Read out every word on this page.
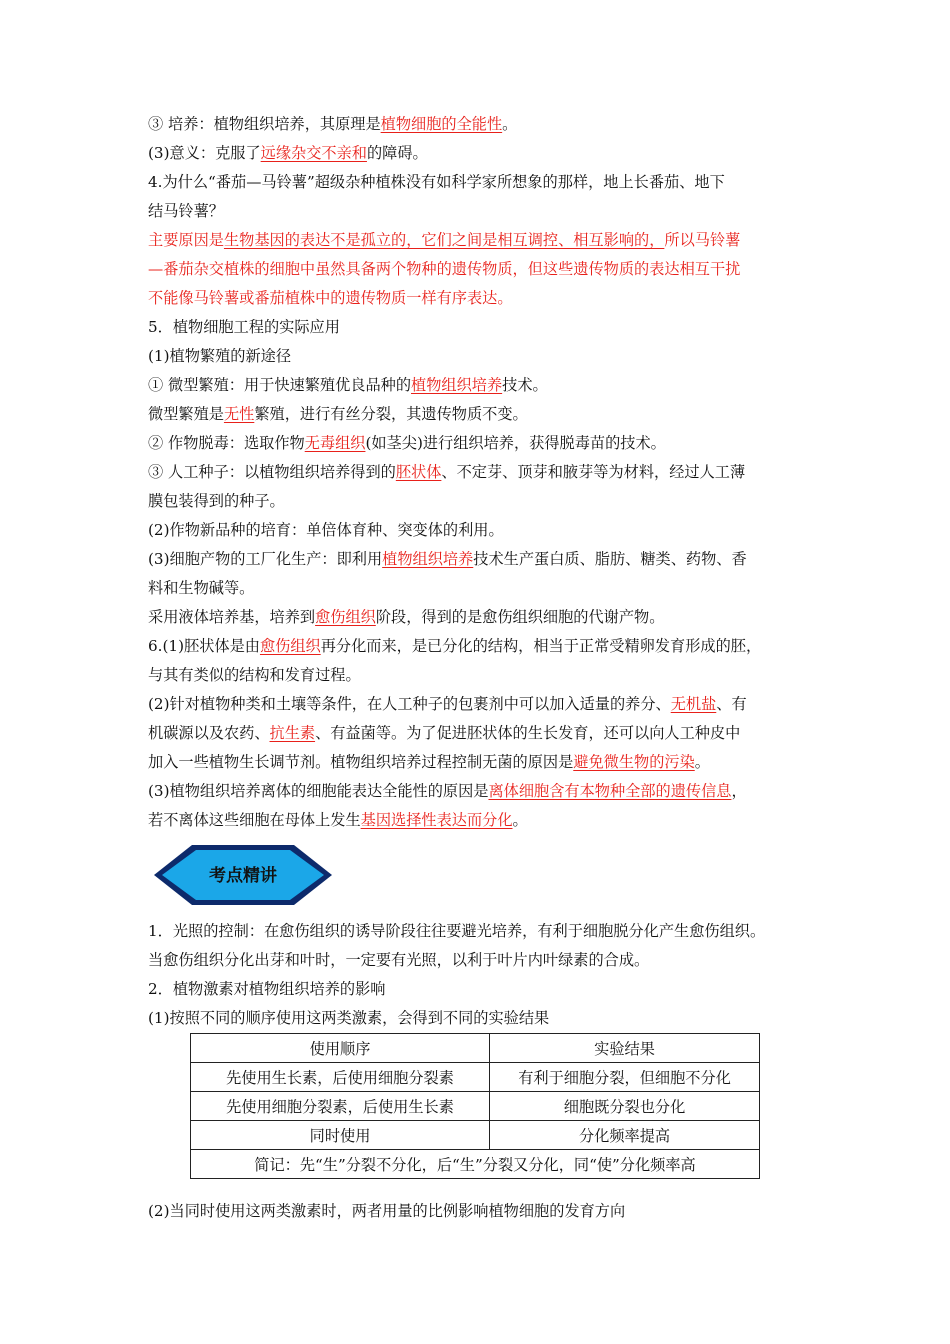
③ 培养：植物组织培养，其原理是植物细胞的全能性。
(3)意义：克服了远缘杂交不亲和的障碍。
4.为什么“番茄—马铃薯”超级杂种植株没有如科学家所想象的那样，地上长番茄、地下
结马铃薯？
主要原因是生物基因的表达不是孤立的，它们之间是相互调控、相互影响的，所以马铃薯
—番茄杂交植株的细胞中虽然具备两个物种的遗传物质，但这些遗传物质的表达相互干扰
不能像马铃薯或番茄植株中的遗传物质一样有序表达。
5．植物细胞工程的实际应用
(1)植物繁殖的新途径
① 微型繁殖：用于快速繁殖优良品种的植物组织培养技术。
微型繁殖是无性繁殖，进行有丝分裂，其遗传物质不变。
② 作物脱毒：选取作物无毒组织(如茎尖)进行组织培养，获得脱毒苗的技术。
③ 人工种子：以植物组织培养得到的胚状体、不定芽、顶芽和腋芽等为材料，经过人工薄
膜包装得到的种子。
(2)作物新品种的培育：单倍体育种、突变体的利用。
(3)细胞产物的工厂化生产：即利用植物组织培养技术生产蛋白质、脂肪、糖类、药物、香
料和生物碱等。
采用液体培养基，培养到愈伤组织阶段，得到的是愈伤组织细胞的代谢产物。
6.(1)胚状体是由愈伤组织再分化而来，是已分化的结构，相当于正常受精卵发育形成的胚，
与其有类似的结构和发育过程。
(2)针对植物种类和土壤等条件，在人工种子的包裹剂中可以加入适量的养分、无机盐、有
机碳源以及农药、抗生素、有益菌等。为了促进胚状体的生长发育，还可以向人工种皮中
加入一些植物生长调节剂。植物组织培养过程控制无菌的原因是避免微生物的污染。
(3)植物组织培养离体的细胞能表达全能性的原因是离体细胞含有本物种全部的遗传信息，
若不离体这些细胞在母体上发生基因选择性表达而分化。
考点精讲
1．光照的控制：在愈伤组织的诱导阶段往往要避光培养，有利于细胞脱分化产生愈伤组织。
当愈伤组织分化出芽和叶时，一定要有光照，以利于叶片内叶绿素的合成。
2．植物激素对植物组织培养的影响
(1)按照不同的顺序使用这两类激素，会得到不同的实验结果
使用顺序	实验结果
先使用生长素，后使用细胞分裂素	有利于细胞分裂，但细胞不分化
先使用细胞分裂素，后使用生长素	细胞既分裂也分化
同时使用	分化频率提高
简记：先“生”分裂不分化，后“生”分裂又分化，同“使”分化频率高	
(2)当同时使用这两类激素时，两者用量的比例影响植物细胞的发育方向
